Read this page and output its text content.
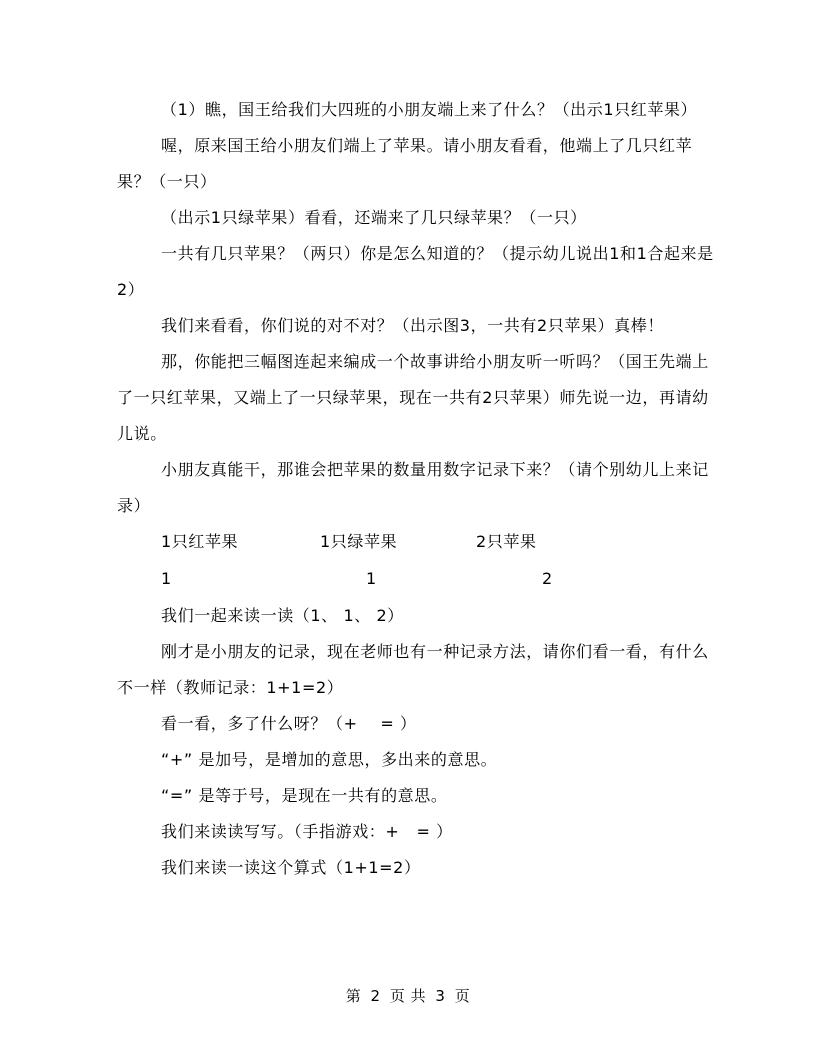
（1）瞧，国王给我们大四班的小朋友端上来了什么？（出示1只红苹果）

喔，原来国王给小朋友们端上了苹果。请小朋友看看，他端上了几只红苹果？（一只）

（出示1只绿苹果）看看，还端来了几只绿苹果？（一只）

一共有几只苹果？（两只）你是怎么知道的？（提示幼儿说出1和1合起来是2）

我们来看看，你们说的对不对？（出示图3，一共有2只苹果）真棒！

那，你能把三幅图连起来编成一个故事讲给小朋友听一听吗？（国王先端上了一只红苹果，又端上了一只绿苹果，现在一共有2只苹果）师先说一边，再请幼儿说。

小朋友真能干，那谁会把苹果的数量用数字记录下来？（请个别幼儿上来记录）

1只红苹果	1只绿苹果	2只苹果
1	1	2

我们一起来读一读（1、 1、 2）

刚才是小朋友的记录，现在老师也有一种记录方法，请你们看一看，有什么不一样（教师记录：1+1=2）

看一看，多了什么呀？（+    = ）

“+” 是加号，是增加的意思，多出来的意思。

“=” 是等于号，是现在一共有的意思。

我们来读读写写。（手指游戏：+   = ）

我们来读一读这个算式（1+1=2）

第 2 页 共 3 页
